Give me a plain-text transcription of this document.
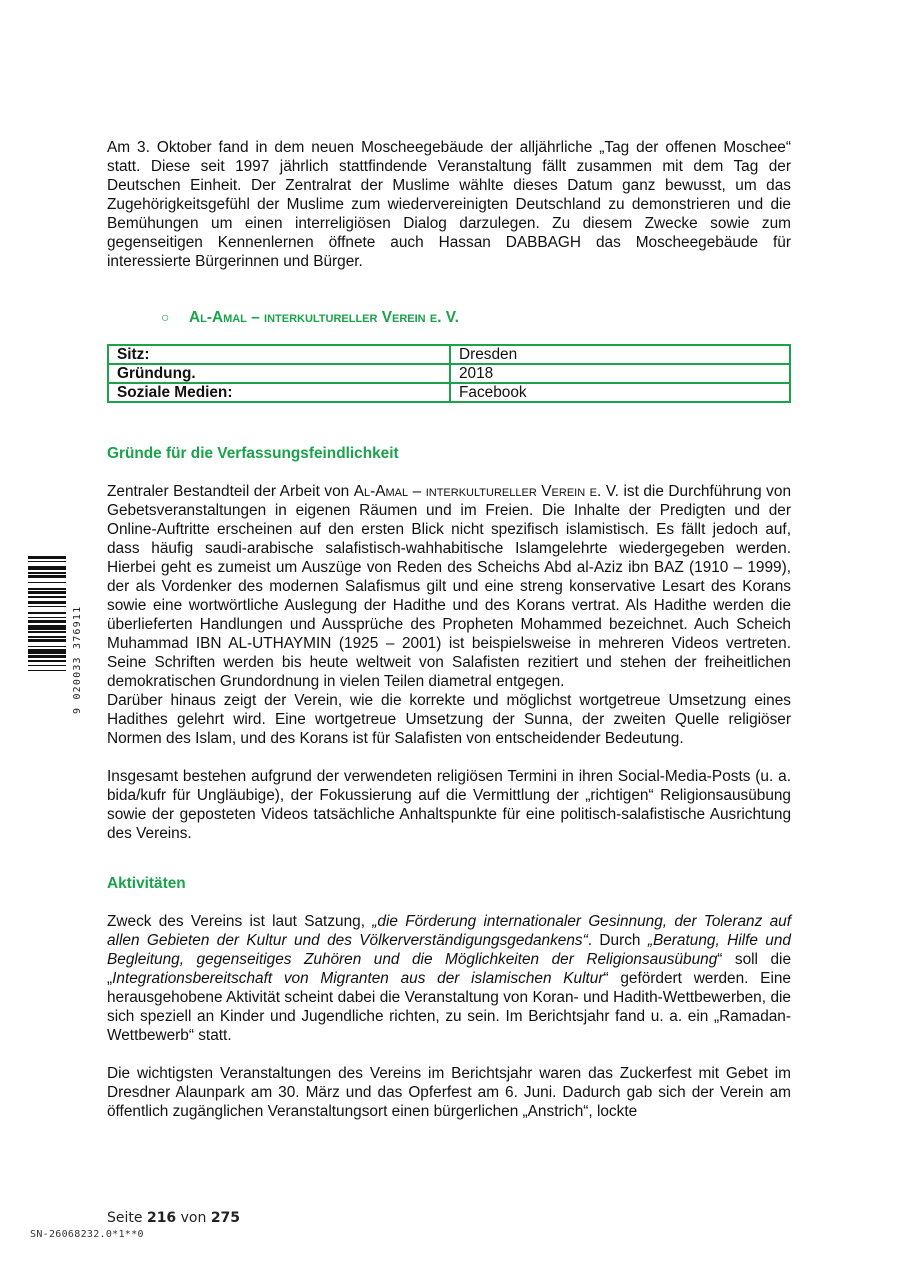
Am 3. Oktober fand in dem neuen Moscheegebäude der alljährliche „Tag der offenen Moschee“ statt. Diese seit 1997 jährlich stattfindende Veranstaltung fällt zusammen mit dem Tag der Deutschen Einheit. Der Zentralrat der Muslime wählte dieses Datum ganz bewusst, um das Zugehörigkeitsgefühl der Muslime zum wiedervereinigten Deutschland zu demonstrieren und die Bemühungen um einen interreligiösen Dialog darzulegen. Zu diesem Zwecke sowie zum gegenseitigen Kennenlernen öffnete auch Hassan DABBAGH das Moscheegebäude für interessierte Bürgerinnen und Bürger.

○	Al-Amal – interkultureller Verein e. V.
Sitz:	Dresden
Gründung.	2018
Soziale Medien:	Facebook
Gründe für die Verfassungsfeindlichkeit

Zentraler Bestandteil der Arbeit von Al-Amal – interkultureller Verein e. V. ist die Durchführung von Gebetsveranstaltungen in eigenen Räumen und im Freien. Die Inhalte der Predigten und der Online-Auftritte erscheinen auf den ersten Blick nicht spezifisch islamistisch. Es fällt jedoch auf, dass häufig saudi-arabische salafistisch-wahhabitische Islamgelehrte wiedergegeben werden. Hierbei geht es zumeist um Auszüge von Reden des Scheichs Abd al-Aziz ibn BAZ (1910 – 1999), der als Vordenker des modernen Salafismus gilt und eine streng konservative Lesart des Korans sowie eine wortwörtliche Auslegung der Hadithe und des Korans vertrat. Als Hadithe werden die überlieferten Handlungen und Aussprüche des Propheten Mohammed bezeichnet. Auch Scheich Muhammad IBN AL-UTHAYMIN (1925 – 2001) ist beispielsweise in mehreren Videos vertreten. Seine Schriften werden bis heute weltweit von Salafisten rezitiert und stehen der freiheitlichen demokratischen Grundordnung in vielen Teilen diametral entgegen.

Darüber hinaus zeigt der Verein, wie die korrekte und möglichst wortgetreue Umsetzung eines Hadithes gelehrt wird. Eine wortgetreue Umsetzung der Sunna, der zweiten Quelle religiöser Normen des Islam, und des Korans ist für Salafisten von entscheidender Bedeutung.

Insgesamt bestehen aufgrund der verwendeten religiösen Termini in ihren Social-Media-Posts (u. a. bida/kufr für Ungläubige), der Fokussierung auf die Vermittlung der „richtigen“ Religionsausübung sowie der geposteten Videos tatsächliche Anhaltspunkte für eine politisch-salafistische Ausrichtung des Vereins.

Aktivitäten

Zweck des Vereins ist laut Satzung, „die Förderung internationaler Gesinnung, der Toleranz auf allen Gebieten der Kultur und des Völkerverständigungsgedankens“. Durch „Beratung, Hilfe und Begleitung, gegenseitiges Zuhören und die Möglichkeiten der Religionsausübung“ soll die „Integrationsbereitschaft von Migranten aus der islamischen Kultur“ gefördert werden. Eine herausgehobene Aktivität scheint dabei die Veranstaltung von Koran- und Hadith-Wettbewerben, die sich speziell an Kinder und Jugendliche richten, zu sein. Im Berichtsjahr fand u. a. ein „Ramadan-Wettbewerb“ statt.

Die wichtigsten Veranstaltungen des Vereins im Berichtsjahr waren das Zuckerfest mit Gebet im Dresdner Alaunpark am 30. März und das Opferfest am 6. Juni. Dadurch gab sich der Verein am öffentlich zugänglichen Veranstaltungsort einen bürgerlichen „Anstrich“, lockte

Seite 216 von 275
SN-26068232.0*1**0
9 020033 376911
